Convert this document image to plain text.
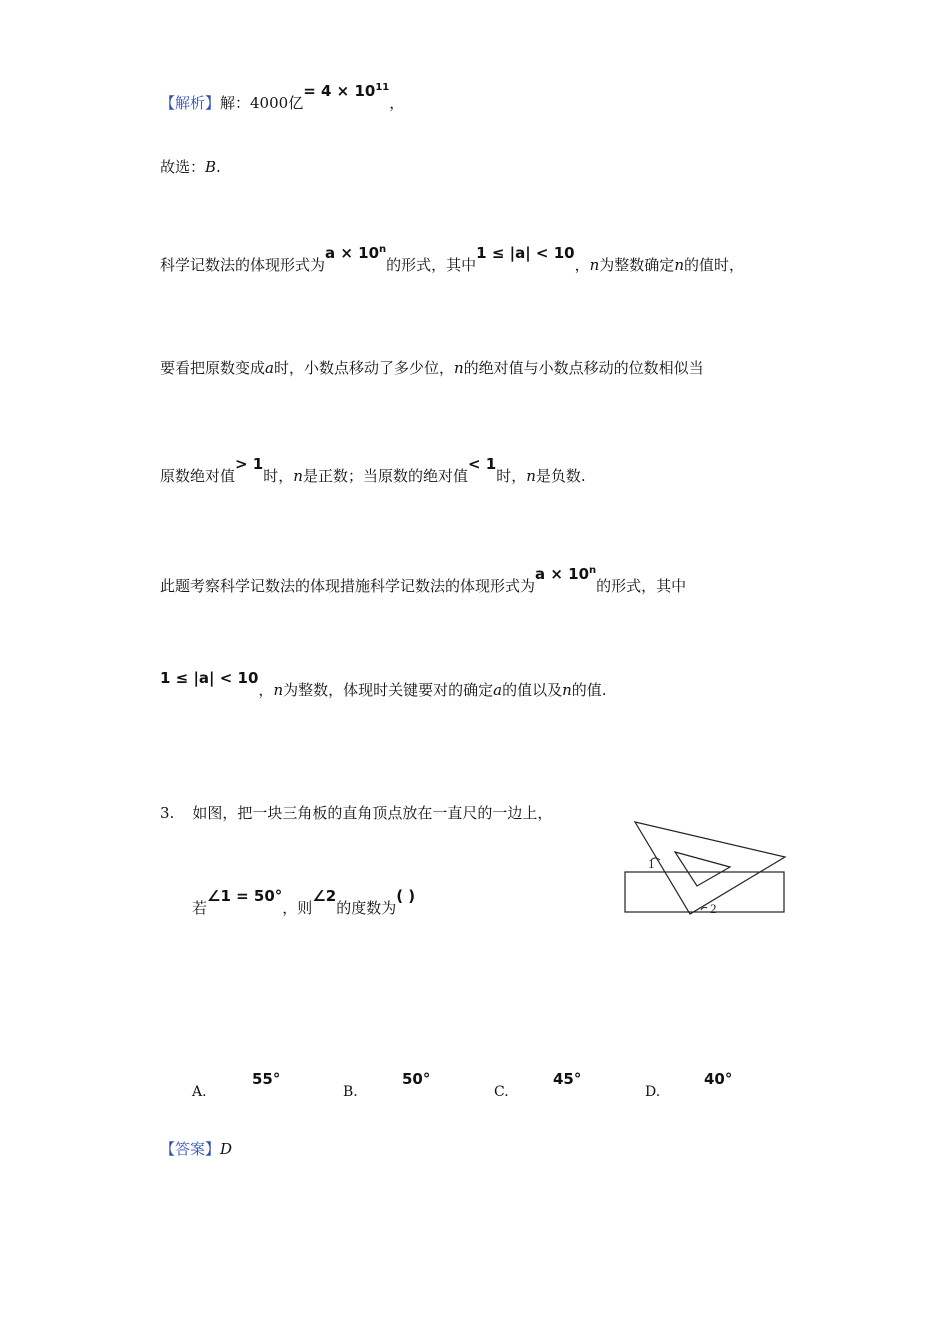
【解析】解：4000亿= $4 \times 10^{11}$，
故选：B.
科学记数法的体现形式为$a \times 10^n$的形式，其中1 ≤ |a| < 10，n为整数确定n的值时，
要看把原数变成a时，小数点移动了多少位，n的绝对值与小数点移动的位数相似当
原数绝对值> 1时，n是正数；当原数的绝对值< 1时，n是负数.
此题考察科学记数法的体现措施科学记数法的体现形式为$a \times 10^n$的形式，其中
1 ≤ |a| < 10，n为整数，体现时关键要对的确定a的值以及n的值.
3. 如图，把一块三角板的直角顶点放在一直尺的一边上，
若∠1 = 50°，则∠2的度数为( )
1
2
A.
55°
B.
50°
C.
45°
D.
40°
【答案】D
